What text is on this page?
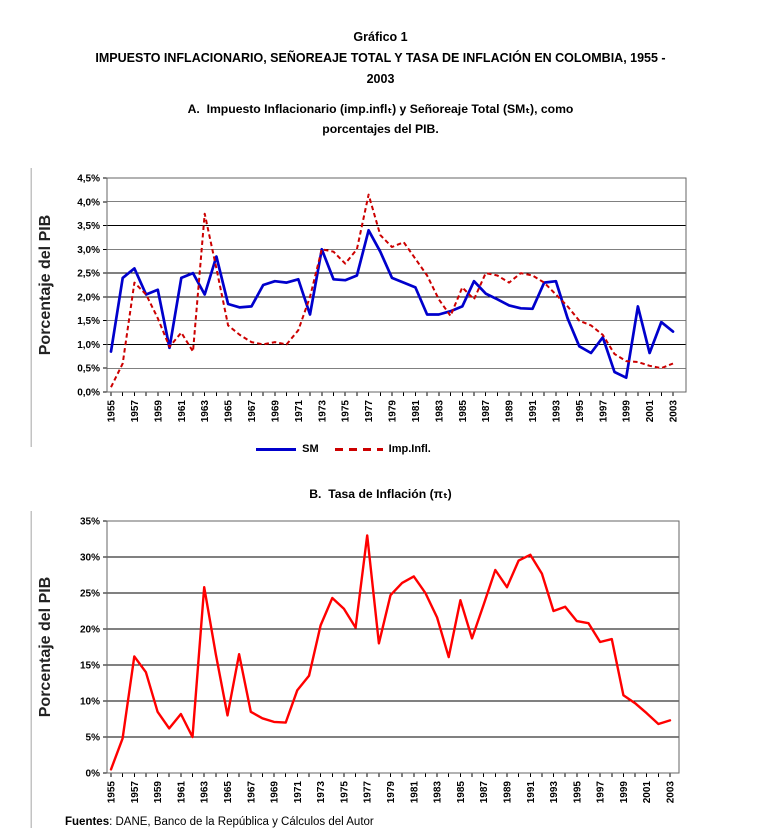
Gráfico 1
IMPUESTO INFLACIONARIO, SEÑOREAJE TOTAL Y TASA DE INFLACIÓN EN COLOMBIA, 1955 -
2003
A.  Impuesto Inflacionario (imp.inflₜ) y Señoreaje Total (SMₜ), como
porcentajes del PIB.
0,0%
0,5%
1,0%
1,5%
2,0%
2,5%
3,0%
3,5%
4,0%
4,5%
1955 1957 1959 1961 1963 1965 1967 1969 1971 1973 1975 1977 1979 1981 1983 1985 1987 1989 1991 1993 1995 1997 1999 2001 2003
Porcentaje del PIB
SM	Imp.Infl.
B.  Tasa de Inflación (πₜ)
0%
5%
10%
15%
20%
25%
30%
35%
1955 1957 1959 1961 1963 1965 1967 1969 1971 1973 1975 1977 1979 1981 1983 1985 1987 1989 1991 1993 1995 1997 1999 2001 2003
Porcentaje del PIB
Fuentes: DANE, Banco de la República y Cálculos del Autor
